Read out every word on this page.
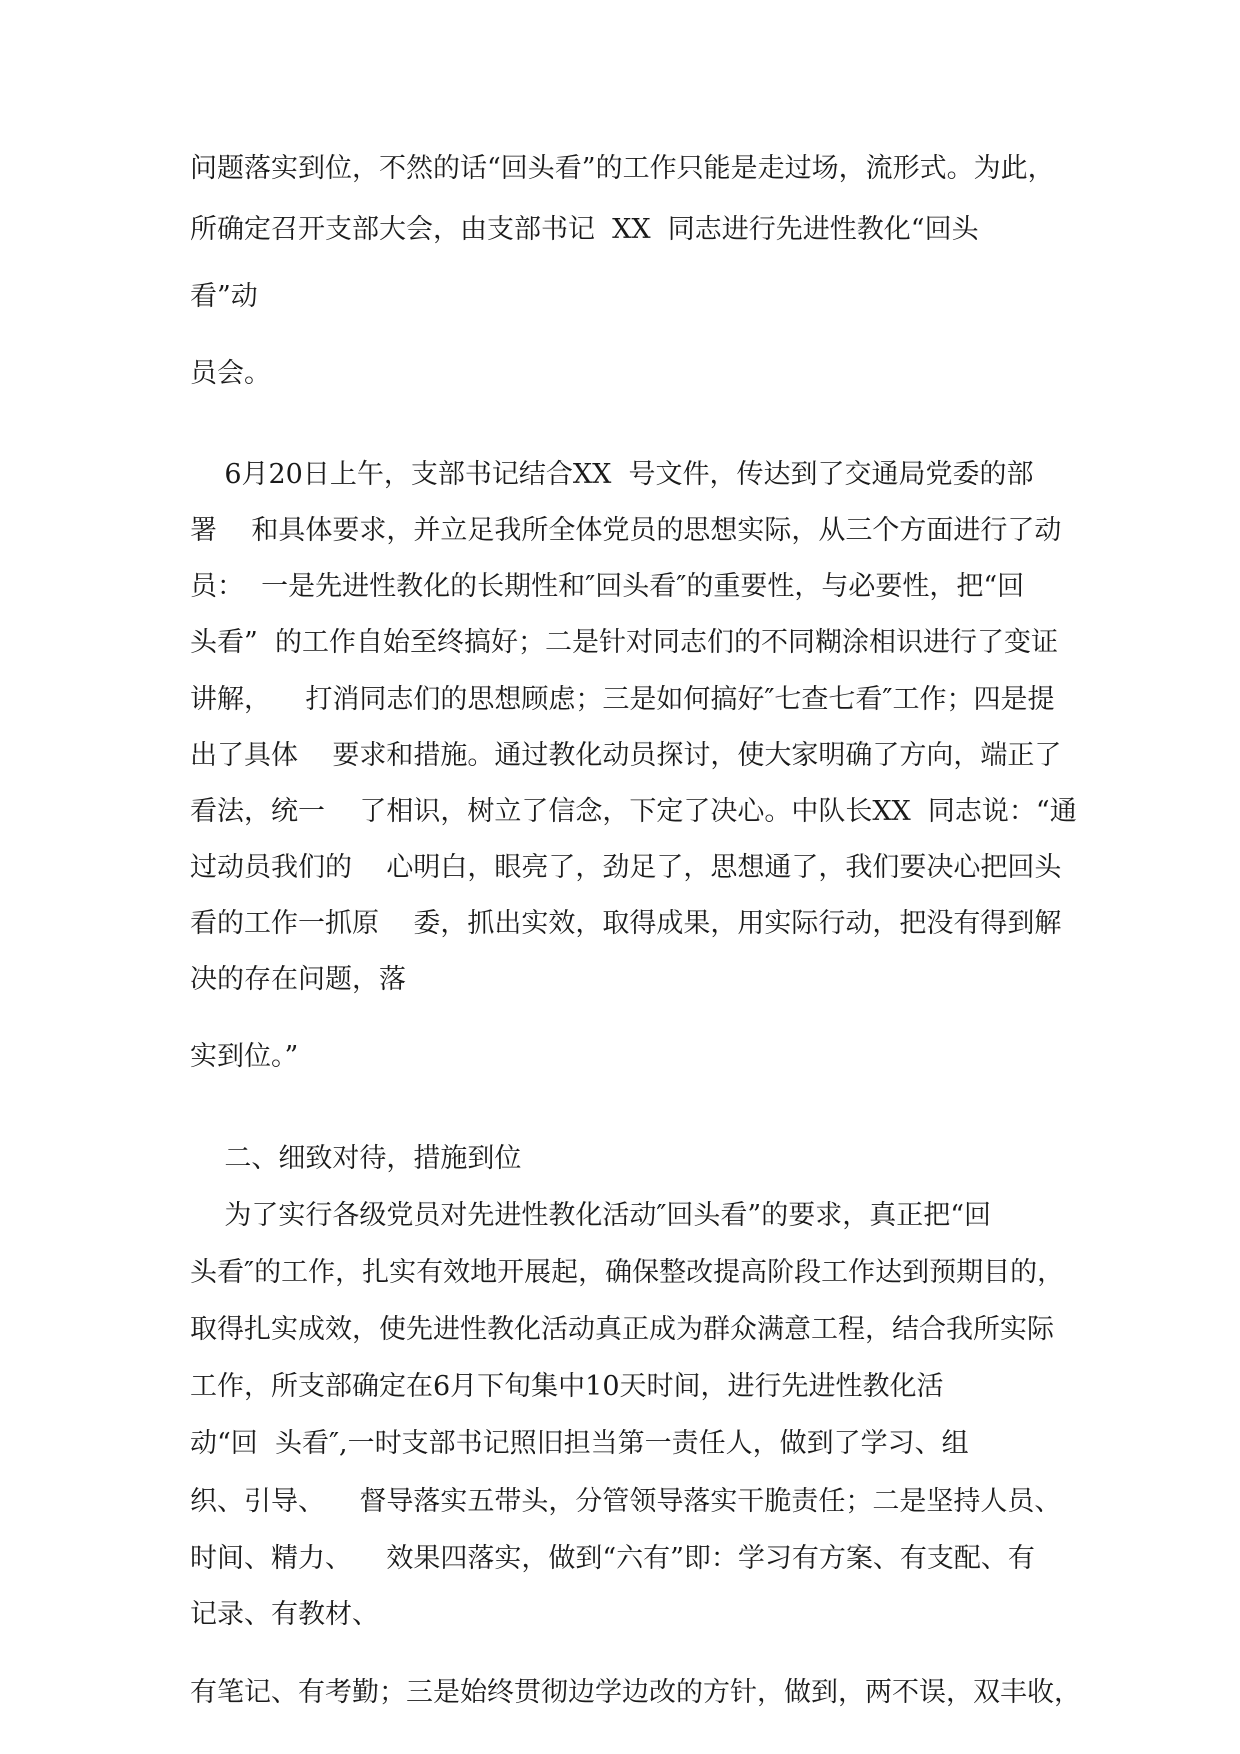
问题落实到位，不然的话“回头看”的工作只能是走过场，流形式。为此，
所确定召开支部大会，由支部书记  XX  同志进行先进性教化“回头
看”动
员会。
6月20日上午，支部书记结合XX  号文件，传达到了交通局党委的部
署    和具体要求，并立足我所全体党员的思想实际，从三个方面进行了动
员：  一是先进性教化的长期性和″回头看″的重要性，与必要性，把“回
头看”  的工作自始至终搞好；二是针对同志们的不同糊涂相识进行了变证
讲解，    打消同志们的思想顾虑；三是如何搞好″七查七看″工作；四是提
出了具体    要求和措施。通过教化动员探讨，使大家明确了方向，端正了
看法，统一    了相识，树立了信念，下定了决心。中队长XX  同志说：“通
过动员我们的    心明白，眼亮了，劲足了，思想通了，我们要决心把回头
看的工作一抓原    委，抓出实效，取得成果，用实际行动，把没有得到解
决的存在问题，落
实到位。”
二、细致对待，措施到位
为了实行各级党员对先进性教化活动″回头看”的要求，真正把“回
头看″的工作，扎实有效地开展起，确保整改提高阶段工作达到预期目的，
取得扎实成效，使先进性教化活动真正成为群众满意工程，结合我所实际
工作，所支部确定在6月下旬集中10天时间，进行先进性教化活
动“回  头看″,一时支部书记照旧担当第一责任人，做到了学习、组
织、引导、    督导落实五带头，分管领导落实干脆责任；二是坚持人员、
时间、精力、    效果四落实，做到“六有”即：学习有方案、有支配、有
记录、有教材、
有笔记、有考勤；三是始终贯彻边学边改的方针，做到，两不误，双丰收，
